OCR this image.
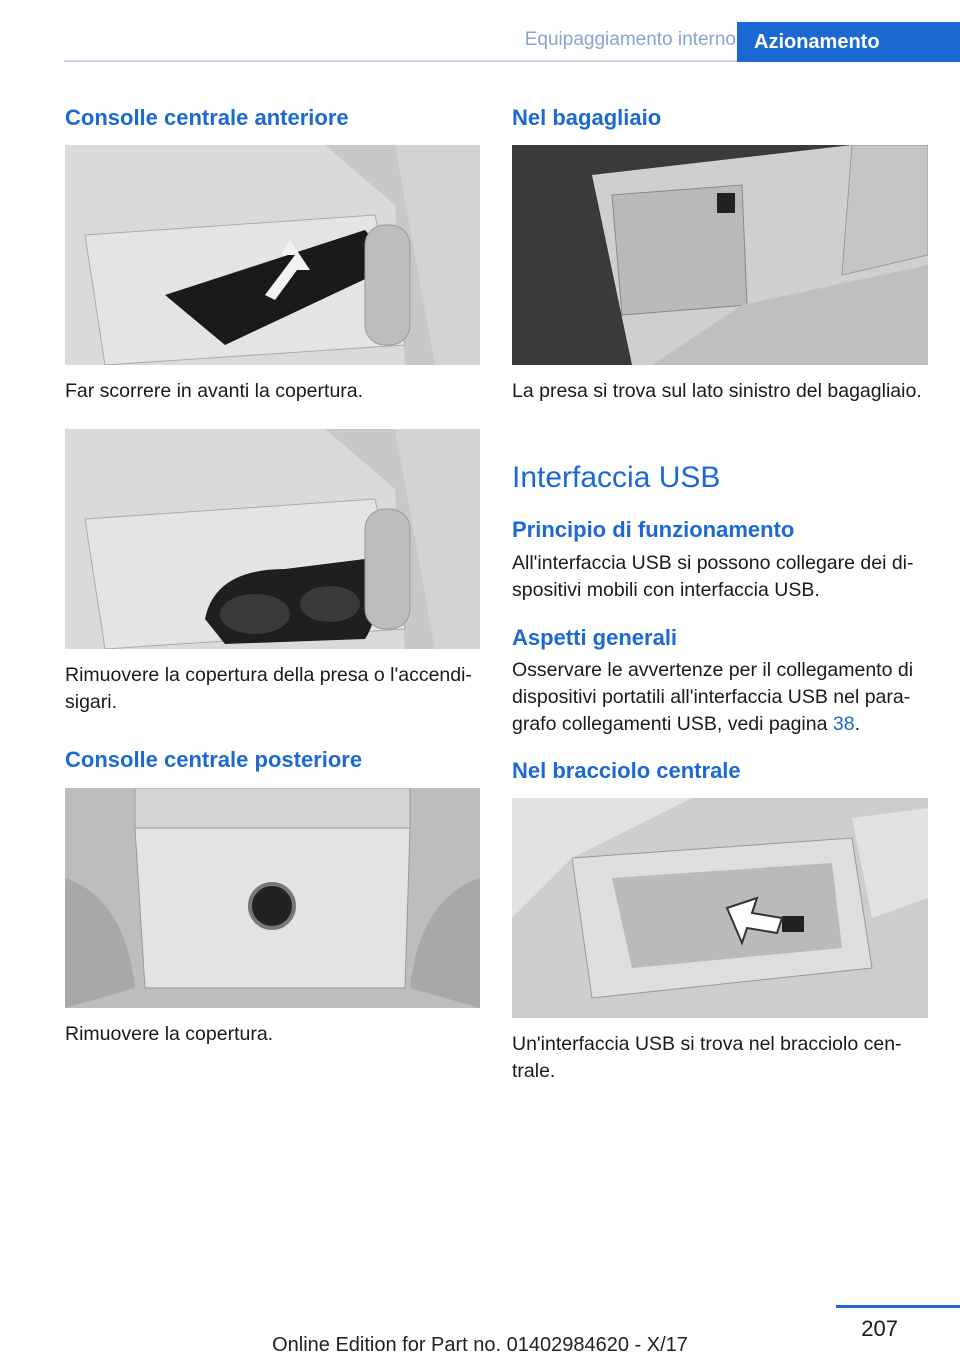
Equipaggiamento interno Azionamento
Consolle centrale anteriore
Far scorrere in avanti la copertura.
Rimuovere la copertura della presa o l'accendi-sigari.
Consolle centrale posteriore
Rimuovere la copertura.
Nel bagagliaio
La presa si trova sul lato sinistro del bagagliaio.
Interfaccia USB
Principio di funzionamento
All'interfaccia USB si possono collegare dei di-spositivi mobili con interfaccia USB.
Aspetti generali
Osservare le avvertenze per il collegamento di dispositivi portatili all'interfaccia USB nel para-grafo collegamenti USB, vedi pagina 38.
Nel bracciolo centrale
Un'interfaccia USB si trova nel bracciolo cen-trale.
207
Online Edition for Part no. 01402984620 - X/17
